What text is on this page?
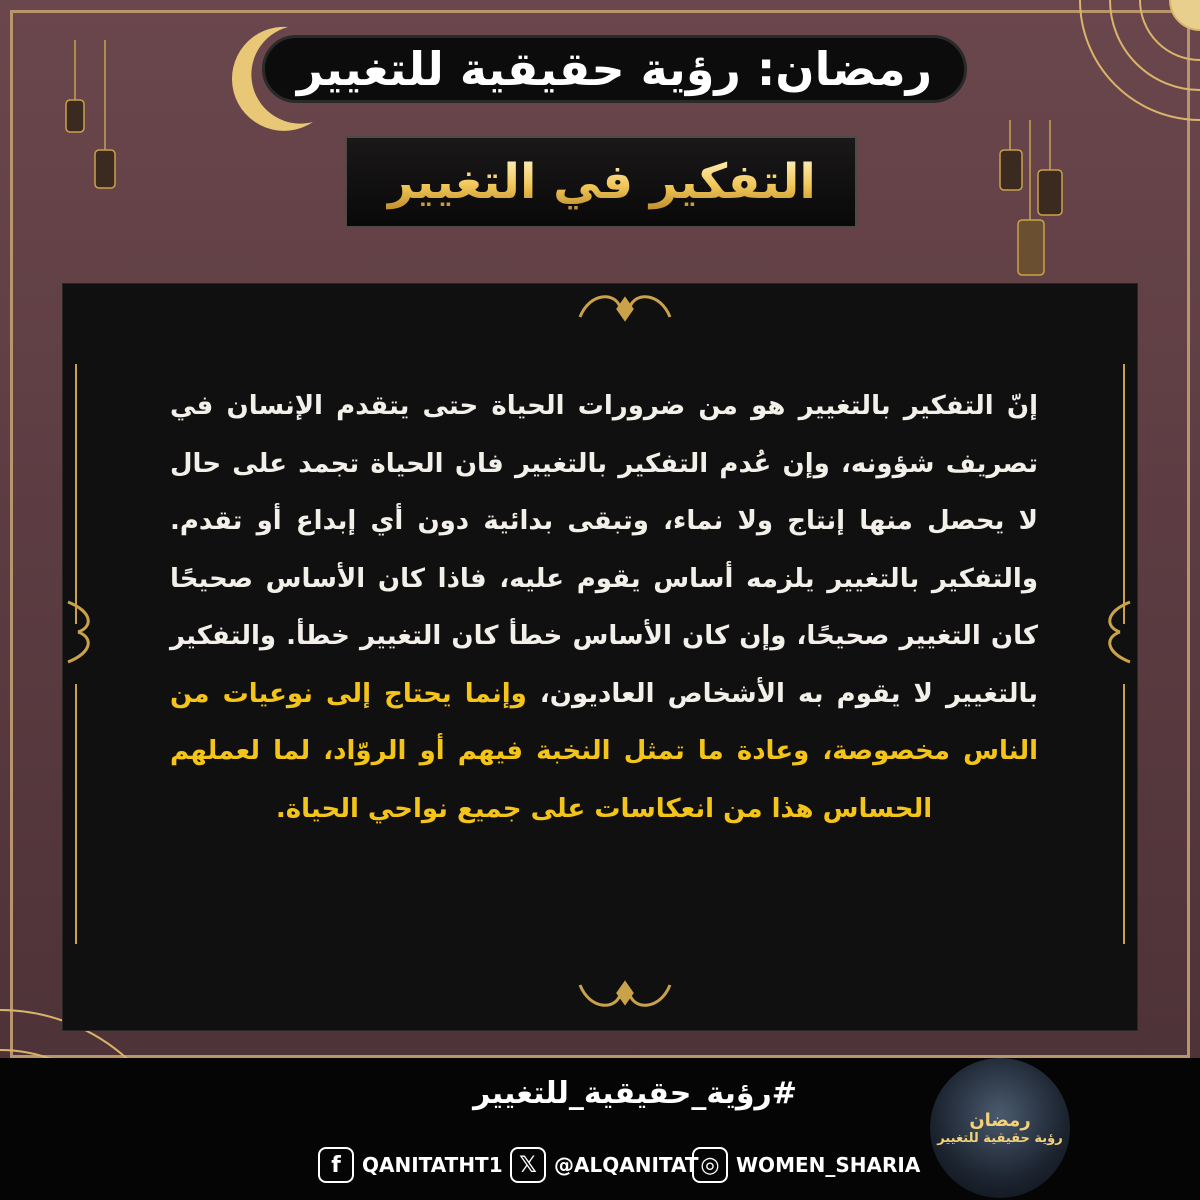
رمضان: رؤية حقيقية للتغيير
التفكير في التغيير
إنّ التفكير بالتغيير هو من ضرورات الحياة حتى يتقدم الإنسان في تصريف شؤونه، وإن عُدم التفكير بالتغيير فان الحياة تجمد على حال لا يحصل منها إنتاج ولا نماء، وتبقى بدائية دون أي إبداع أو تقدم. والتفكير بالتغيير يلزمه أساس يقوم عليه، فاذا كان الأساس صحيحًا كان التغيير صحيحًا، وإن كان الأساس خطأ كان التغيير خطأ. والتفكير بالتغيير لا يقوم به الأشخاص العاديون، وإنما يحتاج إلى نوعيات من الناس مخصوصة، وعادة ما تمثل النخبة فيهم أو الروّاد، لما لعملهم الحساس هذا من انعكاسات على جميع نواحي الحياة.
#رؤية_حقيقية_للتغيير
f	QANITATHT1 𝕏 @ALQANITAT ◎ WOMEN_SHARIA
رمضان
رؤية حقيقية للتغيير
